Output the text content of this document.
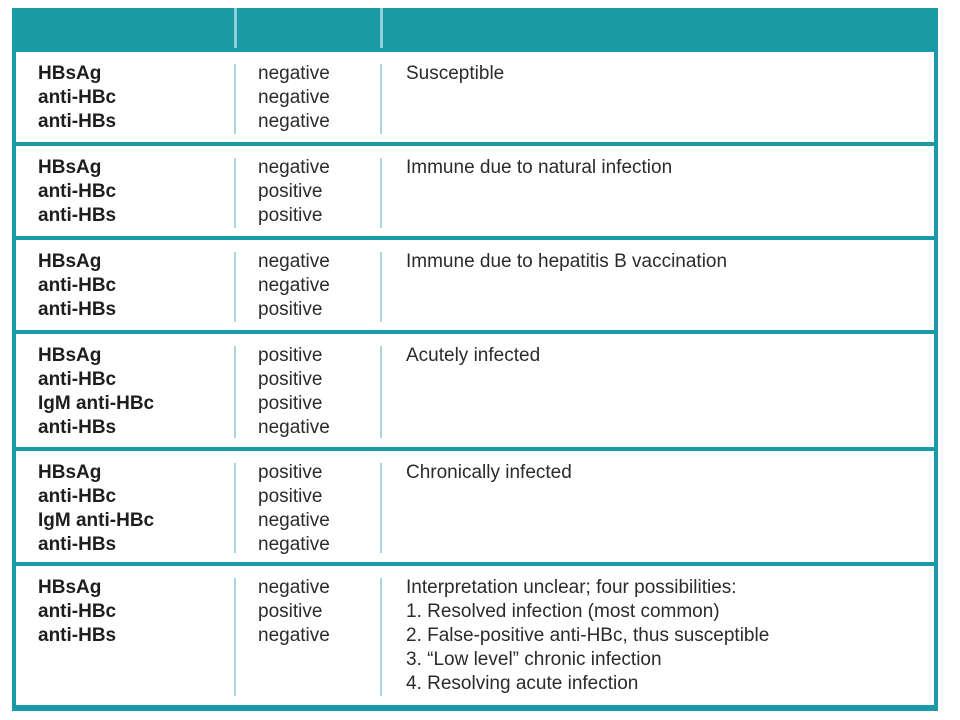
HBsAg
anti-HBc
anti-HBs
negative
negative
negative
Susceptible
HBsAg
anti-HBc
anti-HBs
negative
positive
positive
Immune due to natural infection
HBsAg
anti-HBc
anti-HBs
negative
negative
positive
Immune due to hepatitis B vaccination
HBsAg
anti-HBc
IgM anti-HBc
anti-HBs
positive
positive
positive
negative
Acutely infected
HBsAg
anti-HBc
IgM anti-HBc
anti-HBs
positive
positive
negative
negative
Chronically infected
HBsAg
anti-HBc
anti-HBs
negative
positive
negative
Interpretation unclear; four possibilities:
1. Resolved infection (most common)
2. False-positive anti-HBc, thus susceptible
3. “Low level” chronic infection
4. Resolving acute infection
